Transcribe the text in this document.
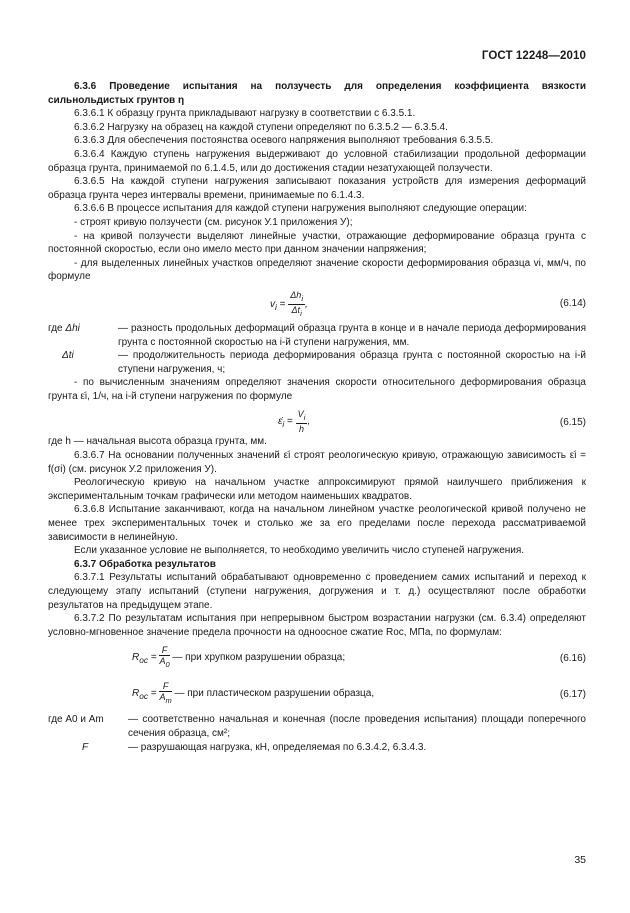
ГОСТ 12248—2010

6.3.6 Проведение испытания на ползучесть для определения коэффициента вязкости сильнольдистых грунтов η

6.3.6.1 К образцу грунта прикладывают нагрузку в соответствии с 6.3.5.1.

6.3.6.2 Нагрузку на образец на каждой ступени определяют по 6.3.5.2 — 6.3.5.4.

6.3.6.3 Для обеспечения постоянства осевого напряжения выполняют требования 6.3.5.5.

6.3.6.4 Каждую ступень нагружения выдерживают до условной стабилизации продольной деформации образца грунта, принимаемой по 6.1.4.5, или до достижения стадии незатухающей ползучести.

6.3.6.5 На каждой ступени нагружения записывают показания устройств для измерения деформаций образца грунта через интервалы времени, принимаемые по 6.1.4.3.

6.3.6.6 В процессе испытания для каждой ступени нагружения выполняют следующие операции:

- строят кривую ползучести (см. рисунок У.1 приложения У);

- на кривой ползучести выделяют линейные участки, отражающие деформирование образца грунта с постоянной скоростью, если оно имело место при данном значении напряжения;

- для выделенных линейных участков определяют значение скорости деформирования образца vi, мм/ч, по формуле

$v_i = \frac{\Delta h_i}{\Delta t_i}$ ,	(6.14)

где Δhi	— разность продольных деформаций образца грунта в конце и в начале периода деформирования грунта с постоянной скоростью на i-й ступени нагружения, мм.

Δti	— продолжительность периода деформирования образца грунта с постоянной скоростью на i-й ступени нагружения, ч;

- по вычисленным значениям определяют значения скорости относительного деформирования образца грунта ε̇i, 1/ч, на i-й ступени нагружения по формуле

$\varepsiloṅ_i = \frac{V_i}{h}$ ,	(6.15)

где h — начальная высота образца грунта, мм.

6.3.6.7 На основании полученных значений ε̇i строят реологическую кривую, отражающую зависимость ε̇i = f(σi) (см. рисунок У.2 приложения У).

Реологическую кривую на начальном участке аппроксимируют прямой наилучшего приближения к экспериментальным точкам графически или методом наименьших квадратов.

6.3.6.8 Испытание заканчивают, когда на начальном линейном участке реологической кривой получено не менее трех экспериментальных точек и столько же за его пределами после перехода рассматриваемой зависимости в нелинейную.

Если указанное условие не выполняется, то необходимо увеличить число ступеней нагружения.

6.3.7 Обработка результатов

6.3.7.1 Результаты испытаний обрабатывают одновременно с проведением самих испытаний и переход к следующему этапу испытаний (ступени нагружения, догружения и т. д.) осуществляют после обработки результатов на предыдущем этапе.

6.3.7.2 По результатам испытания при непрерывном быстром возрастании нагрузки (см. 6.3.4) определяют условно-мгновенное значение предела прочности на одноосное сжатие Roc, МПа, по формулам:

$R_{oc} = \frac{F}{A_0}$ — при хрупком разрушении образца;	(6.16)
$R_{oc} = \frac{F}{A_m}$ — при пластическом разрушении образца,	(6.17)

где A0 и Am	— соответственно начальная и конечная (после проведения испытания) площади поперечного сечения образца, см²;

F	— разрушающая нагрузка, кН, определяемая по 6.3.4.2, 6.3.4.3.

35
